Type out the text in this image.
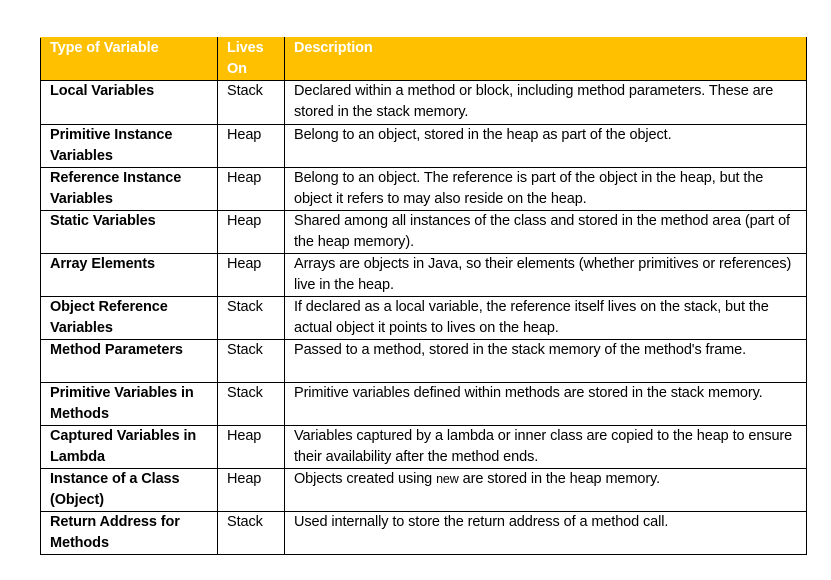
Type of Variable	Lives On	Description
Local Variables	Stack	Declared within a method or block, including method parameters. These are stored in the stack memory.
Primitive Instance Variables	Heap	Belong to an object, stored in the heap as part of the object.
Reference Instance Variables	Heap	Belong to an object. The reference is part of the object in the heap, but the object it refers to may also reside on the heap.
Static Variables	Heap	Shared among all instances of the class and stored in the method area (part of the heap memory).
Array Elements	Heap	Arrays are objects in Java, so their elements (whether primitives or references) live in the heap.
Object Reference Variables	Stack	If declared as a local variable, the reference itself lives on the stack, but the actual object it points to lives on the heap.
Method Parameters	Stack	Passed to a method, stored in the stack memory of the method's frame.
Primitive Variables in Methods	Stack	Primitive variables defined within methods are stored in the stack memory.
Captured Variables in Lambda	Heap	Variables captured by a lambda or inner class are copied to the heap to ensure their availability after the method ends.
Instance of a Class (Object)	Heap	Objects created using new are stored in the heap memory.
Return Address for Methods	Stack	Used internally to store the return address of a method call.
